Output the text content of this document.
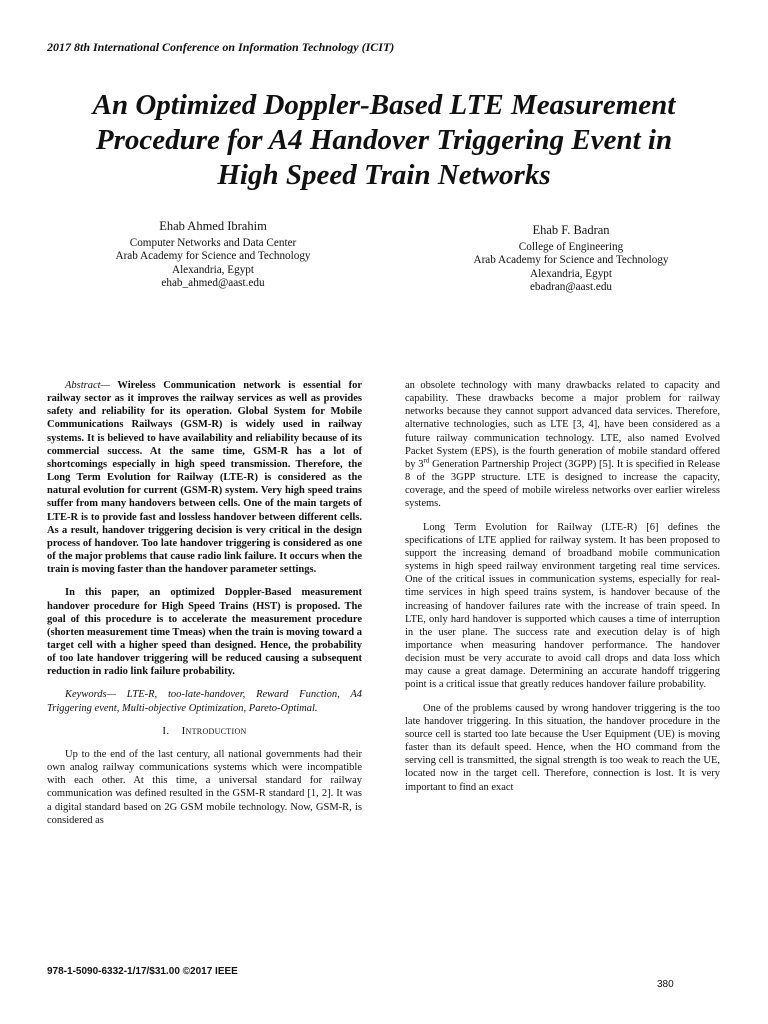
2017 8th International Conference on Information Technology (ICIT)
An Optimized Doppler-Based LTE Measurement
Procedure for A4 Handover Triggering Event in
High Speed Train Networks
Ehab Ahmed Ibrahim
Computer Networks and Data Center
Arab Academy for Science and Technology
Alexandria, Egypt
ehab_ahmed@aast.edu
Ehab F. Badran
College of Engineering
Arab Academy for Science and Technology
Alexandria, Egypt
ebadran@aast.edu

Abstract— Wireless Communication network is essential for railway sector as it improves the railway services as well as provides safety and reliability for its operation. Global System for Mobile Communications Railways (GSM-R) is widely used in railway systems. It is believed to have availability and reliability because of its commercial success. At the same time, GSM-R has a lot of shortcomings especially in high speed transmission. Therefore, the Long Term Evolution for Railway (LTE-R) is considered as the natural evolution for current (GSM-R) system. Very high speed trains suffer from many handovers between cells. One of the main targets of LTE-R is to provide fast and lossless handover between different cells. As a result, handover triggering decision is very critical in the design process of handover. Too late handover triggering is considered as one of the major problems that cause radio link failure. It occurs when the train is moving faster than the handover parameter settings.

In this paper, an optimized Doppler-Based measurement handover procedure for High Speed Trains (HST) is proposed. The goal of this procedure is to accelerate the measurement procedure (shorten measurement time Tmeas) when the train is moving toward a target cell with a higher speed than designed. Hence, the probability of too late handover triggering will be reduced causing a subsequent reduction in radio link failure probability.

Keywords— LTE-R, too-late-handover, Reward Function, A4 Triggering event, Multi-objective Optimization, Pareto-Optimal.

I. Introduction

Up to the end of the last century, all national governments had their own analog railway communications systems which were incompatible with each other. At this time, a universal standard for railway communication was defined resulted in the GSM-R standard [1, 2]. It was a digital standard based on 2G GSM mobile technology. Now, GSM-R, is considered as

an obsolete technology with many drawbacks related to capacity and capability. These drawbacks become a major problem for railway networks because they cannot support advanced data services. Therefore, alternative technologies, such as LTE [3, 4], have been considered as a future railway communication technology. LTE, also named Evolved Packet System (EPS), is the fourth generation of mobile standard offered by 3rd Generation Partnership Project (3GPP) [5]. It is specified in Release 8 of the 3GPP structure. LTE is designed to increase the capacity, coverage, and the speed of mobile wireless networks over earlier wireless systems.

Long Term Evolution for Railway (LTE-R) [6] defines the specifications of LTE applied for railway system. It has been proposed to support the increasing demand of broadband mobile communication systems in high speed railway environment targeting real time services. One of the critical issues in communication systems, especially for real-time services in high speed trains system, is handover because of the increasing of handover failures rate with the increase of train speed. In LTE, only hard handover is supported which causes a time of interruption in the user plane. The success rate and execution delay is of high importance when measuring handover performance. The handover decision must be very accurate to avoid call drops and data loss which may cause a great damage. Determining an accurate handoff triggering point is a critical issue that greatly reduces handover failure probability.

One of the problems caused by wrong handover triggering is the too late handover triggering. In this situation, the handover procedure in the source cell is started too late because the User Equipment (UE) is moving faster than its default speed. Hence, when the HO command from the serving cell is transmitted, the signal strength is too weak to reach the UE, located now in the target cell. Therefore, connection is lost. It is very important to find an exact

978-1-5090-6332-1/17/$31.00 ©2017 IEEE
380
